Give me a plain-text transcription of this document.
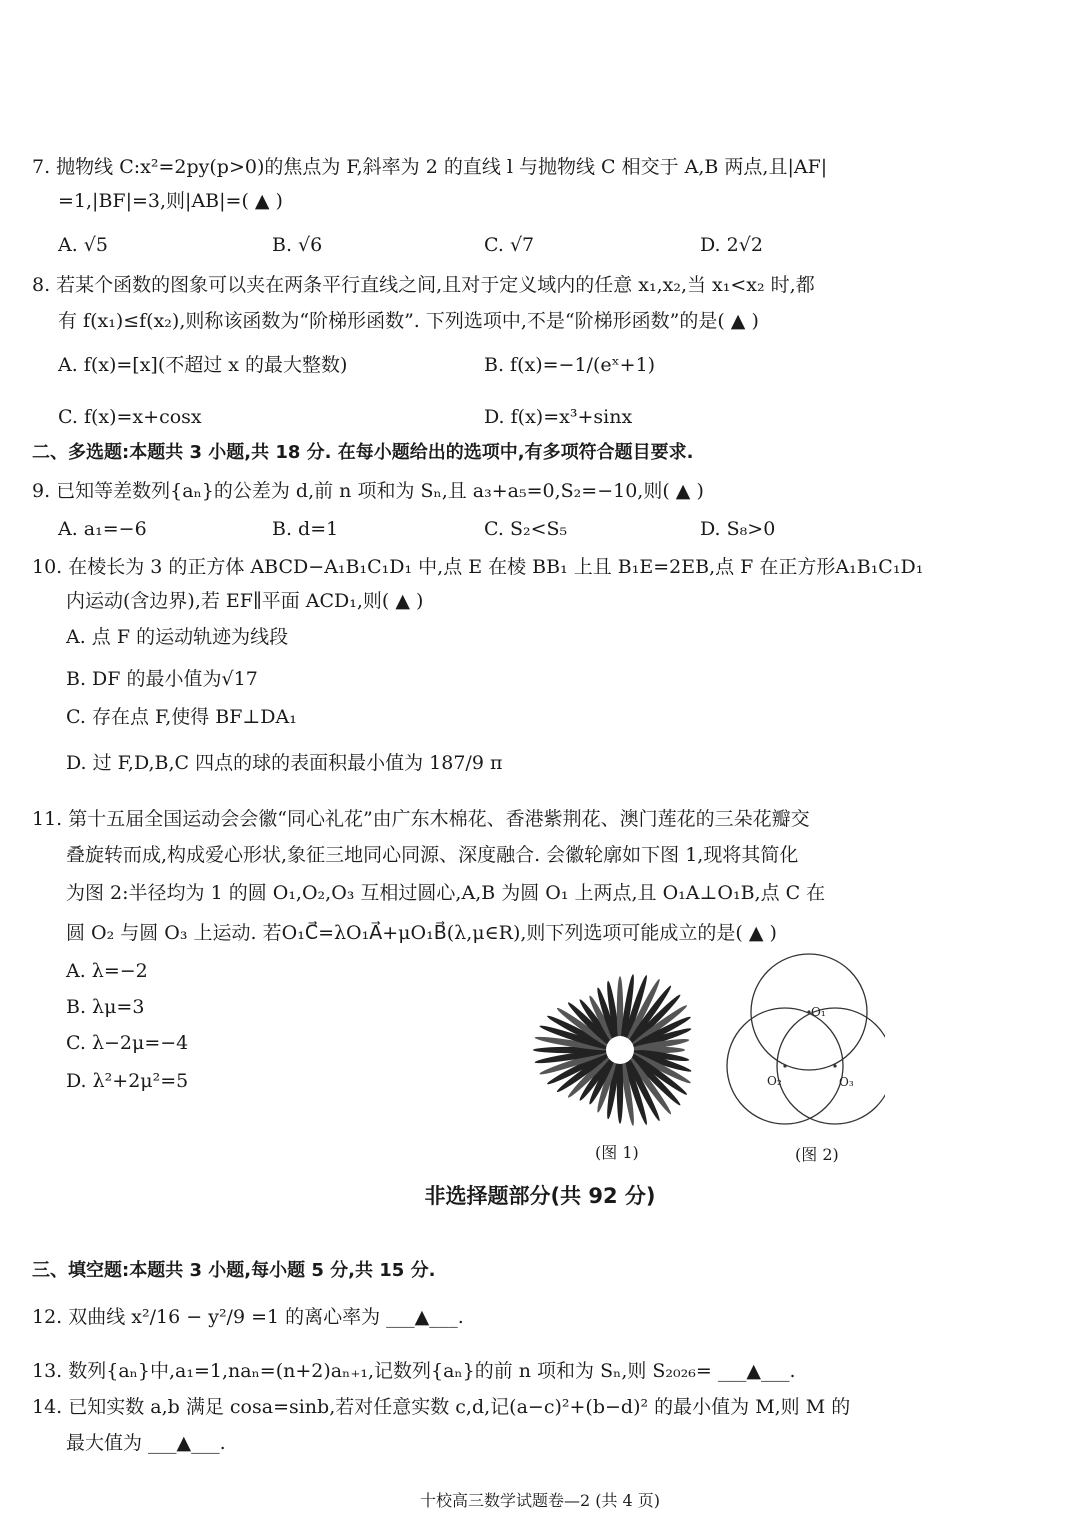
7. 抛物线 C:x²=2py(p>0)的焦点为 F,斜率为 2 的直线 l 与抛物线 C 相交于 A,B 两点,且|AF|
=1,|BF|=3,则|AB|=( ▲ )
A. √5	B. √6	C. √7	D. 2√2
8. 若某个函数的图象可以夹在两条平行直线之间,且对于定义域内的任意 x₁,x₂,当 x₁<x₂ 时,都
有 f(x₁)≤f(x₂),则称该函数为“阶梯形函数”. 下列选项中,不是“阶梯形函数”的是( ▲ )
A. f(x)=[x](不超过 x 的最大整数)	B. f(x)=−1/(eˣ+1)
C. f(x)=x+cosx	D. f(x)=x³+sinx
二、多选题:本题共 3 小题,共 18 分. 在每小题给出的选项中,有多项符合题目要求.
9. 已知等差数列{aₙ}的公差为 d,前 n 项和为 Sₙ,且 a₃+a₅=0,S₂=−10,则( ▲ )
A. a₁=−6	B. d=1	C. S₂<S₅	D. S₈>0
10. 在棱长为 3 的正方体 ABCD−A₁B₁C₁D₁ 中,点 E 在棱 BB₁ 上且 B₁E=2EB,点 F 在正方形A₁B₁C₁D₁
内运动(含边界),若 EF∥平面 ACD₁,则( ▲ )
A. 点 F 的运动轨迹为线段
B. DF 的最小值为√17
C. 存在点 F,使得 BF⊥DA₁
D. 过 F,D,B,C 四点的球的表面积最小值为 187/9 π
11. 第十五届全国运动会会徽“同心礼花”由广东木棉花、香港紫荆花、澳门莲花的三朵花瓣交
叠旋转而成,构成爱心形状,象征三地同心同源、深度融合. 会徽轮廓如下图 1,现将其简化
为图 2:半径均为 1 的圆 O₁,O₂,O₃ 互相过圆心,A,B 为圆 O₁ 上两点,且 O₁A⊥O₁B,点 C 在
圆 O₂ 与圆 O₃ 上运动. 若O₁C⃗=λO₁A⃗+μO₁B⃗(λ,μ∈R),则下列选项可能成立的是( ▲ )
A. λ=−2
B. λμ=3
C. λ−2μ=−4
D. λ²+2μ²=5
(图 1)
O₁
O₂	O₃
(图 2)
非选择题部分(共 92 分)
三、填空题:本题共 3 小题,每小题 5 分,共 15 分.
12. 双曲线 x²/16 − y²/9 =1 的离心率为 ___▲___.
13. 数列{aₙ}中,a₁=1,naₙ=(n+2)aₙ₊₁,记数列{aₙ}的前 n 项和为 Sₙ,则 S₂₀₂₆= ___▲___.
14. 已知实数 a,b 满足 cosa=sinb,若对任意实数 c,d,记(a−c)²+(b−d)² 的最小值为 M,则 M 的
最大值为 ___▲___.
十校高三数学试题卷—2 (共 4 页)
